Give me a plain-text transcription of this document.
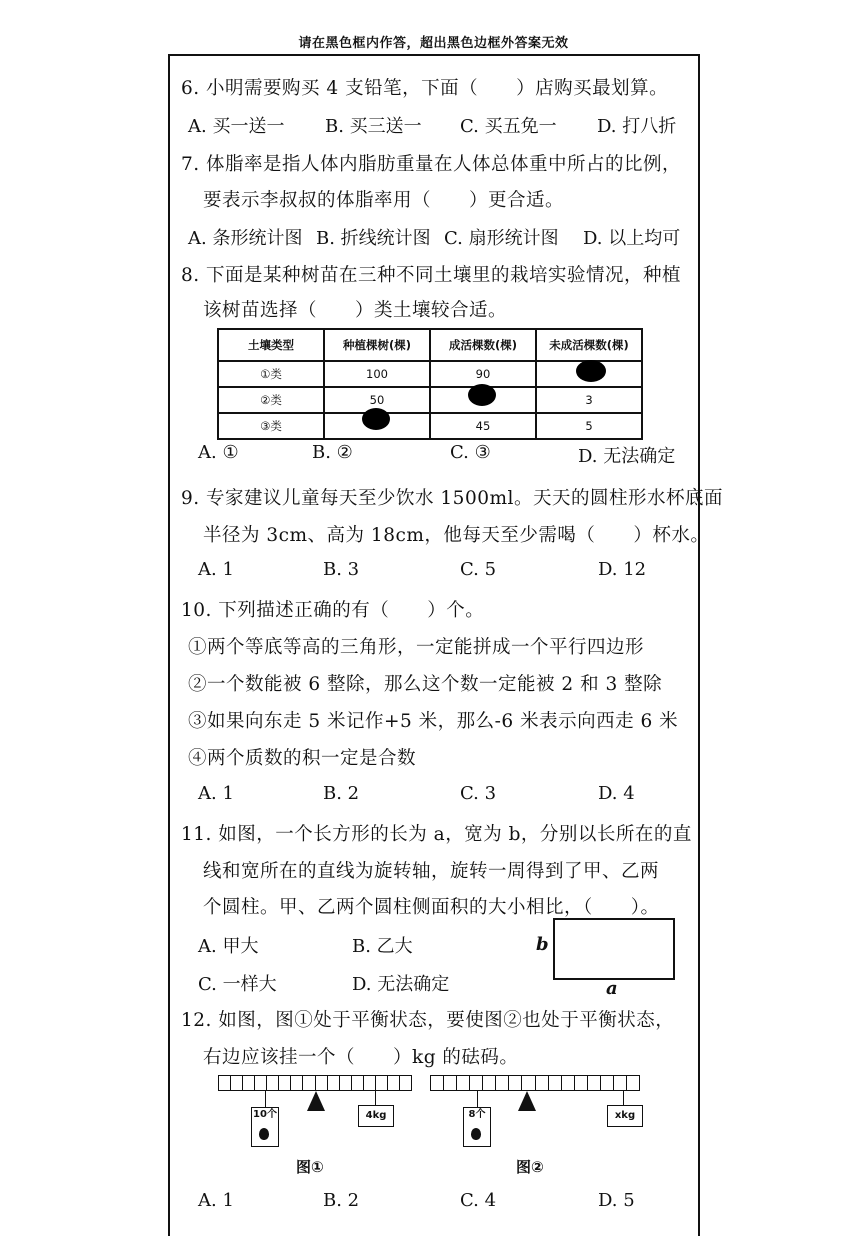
请在黑色框内作答，超出黑色边框外答案无效
6. 小明需要购买 4 支铅笔，下面（　　）店购买最划算。
A. 买一送一 B. 买三送一 C. 买五免一 D. 打八折
7. 体脂率是指人体内脂肪重量在人体总体重中所占的比例，
要表示李叔叔的体脂率用（　　）更合适。
A. 条形统计图 B. 折线统计图 C. 扇形统计图 D. 以上均可
8. 下面是某种树苗在三种不同土壤里的栽培实验情况，种植
该树苗选择（　　）类土壤较合适。
土壤类型	种植棵树(棵)	成活棵数(棵)	未成活棵数(棵)
①类	100	90	
②类	50		3
③类		45	5
A. ①	B. ②	C. ③	D. 无法确定
9. 专家建议儿童每天至少饮水 1500ml。天天的圆柱形水杯底面
半径为 3cm、高为 18cm，他每天至少需喝（　　）杯水。
A. 1	B. 3	C. 5	D. 12
10. 下列描述正确的有（　　）个。
①两个等底等高的三角形，一定能拼成一个平行四边形
②一个数能被 6 整除，那么这个数一定能被 2 和 3 整除
③如果向东走 5 米记作+5 米，那么-6 米表示向西走 6 米
④两个质数的积一定是合数
A. 1	B. 2	C. 3	D. 4
11. 如图，一个长方形的长为 a，宽为 b，分别以长所在的直
线和宽所在的直线为旋转轴，旋转一周得到了甲、乙两
个圆柱。甲、乙两个圆柱侧面积的大小相比，（　　）。
A. 甲大	B. 乙大
C. 一样大	D. 无法确定
b
a
12. 如图，图①处于平衡状态，要使图②也处于平衡状态，
右边应该挂一个（　　）kg 的砝码。
10个	4kg
图①
8个	xkg
图②
A. 1	B. 2	C. 4	D. 5
